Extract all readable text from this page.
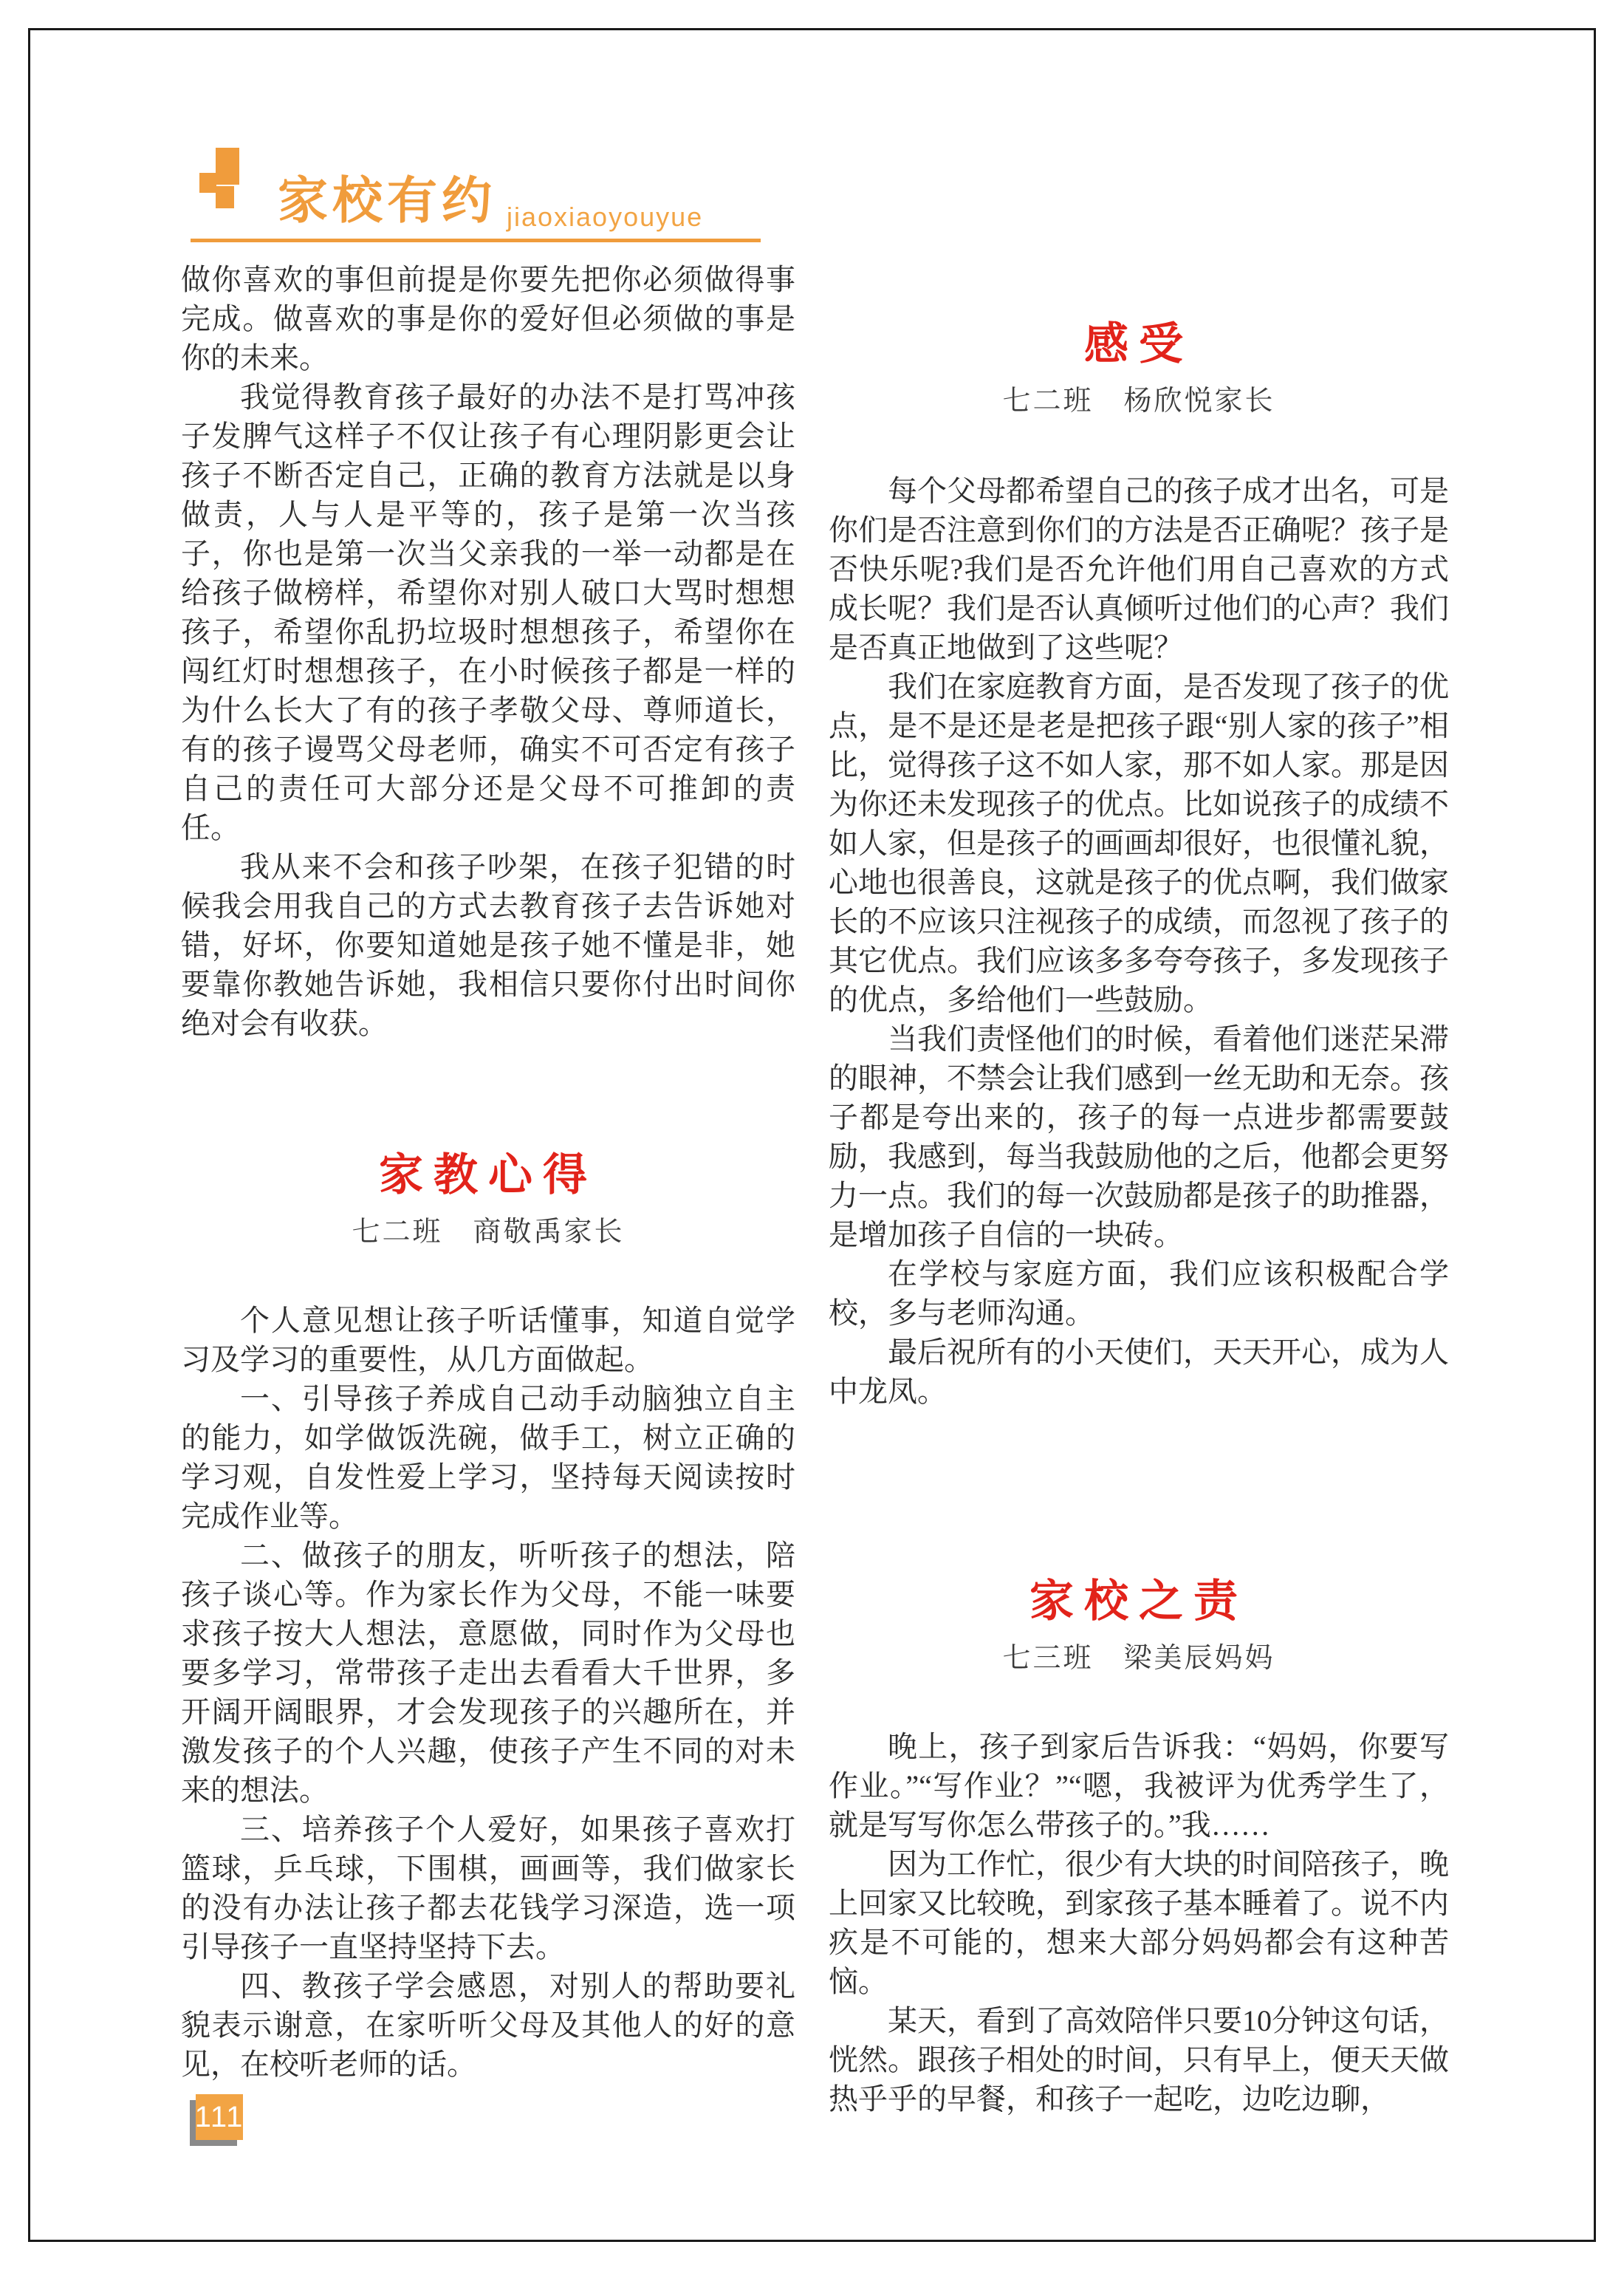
家校有约 jiaoxiaoyouyue

做你喜欢的事但前提是你要先把你必须做得事完成。做喜欢的事是你的爱好但必须做的事是你的未来。

我觉得教育孩子最好的办法不是打骂冲孩子发脾气这样子不仅让孩子有心理阴影更会让孩子不断否定自己，正确的教育方法就是以身做责，人与人是平等的，孩子是第一次当孩子，你也是第一次当父亲我的一举一动都是在给孩子做榜样，希望你对别人破口大骂时想想孩子，希望你乱扔垃圾时想想孩子，希望你在闯红灯时想想孩子，在小时候孩子都是一样的为什么长大了有的孩子孝敬父母、尊师道长，有的孩子谩骂父母老师，确实不可否定有孩子自己的责任可大部分还是父母不可推卸的责任。

我从来不会和孩子吵架，在孩子犯错的时候我会用我自己的方式去教育孩子去告诉她对错，好坏，你要知道她是孩子她不懂是非，她要靠你教她告诉她，我相信只要你付出时间你绝对会有收获。

家教心得
七二班　商敬禹家长

个人意见想让孩子听话懂事，知道自觉学习及学习的重要性，从几方面做起。

一、引导孩子养成自己动手动脑独立自主的能力，如学做饭洗碗，做手工，树立正确的学习观，自发性爱上学习，坚持每天阅读按时完成作业等。

二、做孩子的朋友，听听孩子的想法，陪孩子谈心等。作为家长作为父母，不能一味要求孩子按大人想法，意愿做，同时作为父母也要多学习，常带孩子走出去看看大千世界，多开阔开阔眼界，才会发现孩子的兴趣所在，并激发孩子的个人兴趣，使孩子产生不同的对未来的想法。

三、培养孩子个人爱好，如果孩子喜欢打篮球，乒乓球，下围棋，画画等，我们做家长的没有办法让孩子都去花钱学习深造，选一项引导孩子一直坚持坚持下去。

四、教孩子学会感恩，对别人的帮助要礼貌表示谢意，在家听听父母及其他人的好的意见，在校听老师的话。

感受
七二班　杨欣悦家长

每个父母都希望自己的孩子成才出名，可是你们是否注意到你们的方法是否正确呢？孩子是否快乐呢?我们是否允许他们用自己喜欢的方式成长呢？我们是否认真倾听过他们的心声？我们是否真正地做到了这些呢？

我们在家庭教育方面，是否发现了孩子的优点，是不是还是老是把孩子跟“别人家的孩子”相比，觉得孩子这不如人家，那不如人家。那是因为你还未发现孩子的优点。比如说孩子的成绩不如人家，但是孩子的画画却很好，也很懂礼貌，心地也很善良，这就是孩子的优点啊，我们做家长的不应该只注视孩子的成绩，而忽视了孩子的其它优点。我们应该多多夸夸孩子，多发现孩子的优点，多给他们一些鼓励。

当我们责怪他们的时候，看着他们迷茫呆滞的眼神，不禁会让我们感到一丝无助和无奈。孩子都是夸出来的，孩子的每一点进步都需要鼓励，我感到，每当我鼓励他的之后，他都会更努力一点。我们的每一次鼓励都是孩子的助推器，是增加孩子自信的一块砖。

在学校与家庭方面，我们应该积极配合学校，多与老师沟通。

最后祝所有的小天使们，天天开心，成为人中龙凤。

家校之责
七三班　梁美辰妈妈

晚上，孩子到家后告诉我：“妈妈，你要写作业。”“写作业？”“嗯，我被评为优秀学生了，就是写写你怎么带孩子的。”我……

因为工作忙，很少有大块的时间陪孩子，晚上回家又比较晚，到家孩子基本睡着了。说不内疚是不可能的，想来大部分妈妈都会有这种苦恼。

某天，看到了高效陪伴只要10分钟这句话，恍然。跟孩子相处的时间，只有早上，便天天做热乎乎的早餐，和孩子一起吃，边吃边聊，

111
